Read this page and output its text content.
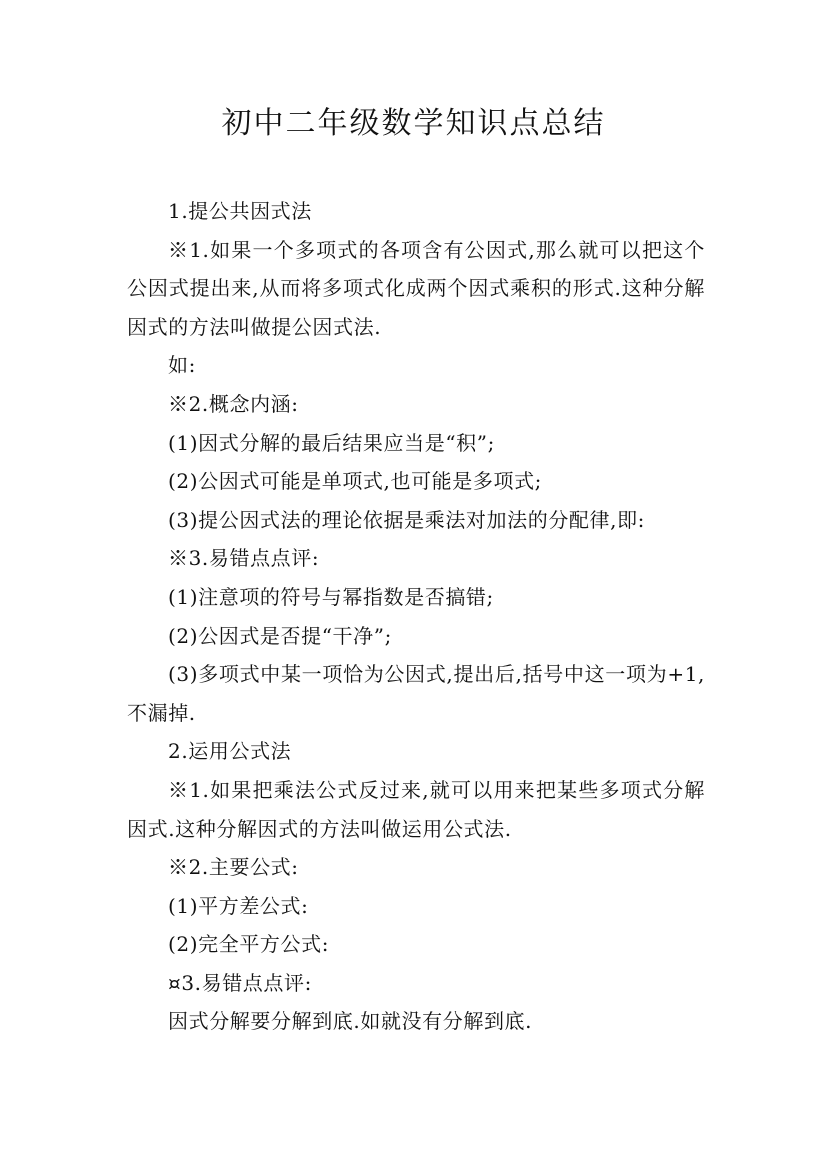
初中二年级数学知识点总结

1.提公共因式法

※1.如果一个多项式的各项含有公因式,那么就可以把这个公因式提出来,从而将多项式化成两个因式乘积的形式.这种分解因式的方法叫做提公因式法.

如:

※2.概念内涵:

(1)因式分解的最后结果应当是“积”;

(2)公因式可能是单项式,也可能是多项式;

(3)提公因式法的理论依据是乘法对加法的分配律,即:

※3.易错点点评:

(1)注意项的符号与幂指数是否搞错;

(2)公因式是否提“干净”;

(3)多项式中某一项恰为公因式,提出后,括号中这一项为+1,不漏掉.

2.运用公式法

※1.如果把乘法公式反过来,就可以用来把某些多项式分解因式.这种分解因式的方法叫做运用公式法.

※2.主要公式:

(1)平方差公式:

(2)完全平方公式:

¤3.易错点点评:

因式分解要分解到底.如就没有分解到底.
